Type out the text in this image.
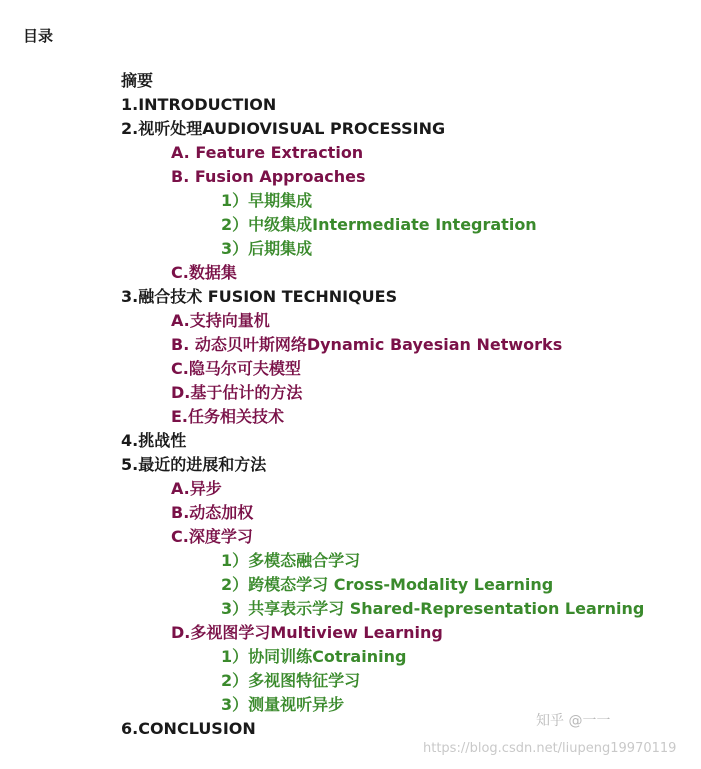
目录
摘要
1.INTRODUCTION
2.视听处理AUDIOVISUAL PROCESSING
A. Feature Extraction
B. Fusion Approaches
1）早期集成
2）中级集成Intermediate Integration
3）后期集成
C.数据集
3.融合技术 FUSION TECHNIQUES
A.支持向量机
B. 动态贝叶斯网络Dynamic Bayesian Networks
C.隐马尔可夫模型
D.基于估计的方法
E.任务相关技术
4.挑战性
5.最近的进展和方法
A.异步
B.动态加权
C.深度学习
1）多模态融合学习
2）跨模态学习 Cross-Modality Learning
3）共享表示学习 Shared-Representation Learning
D.多视图学习Multiview Learning
1）协同训练Cotraining
2）多视图特征学习
3）测量视听异步
6.CONCLUSION	知乎 @一一
https://blog.csdn.net/liupeng19970119
